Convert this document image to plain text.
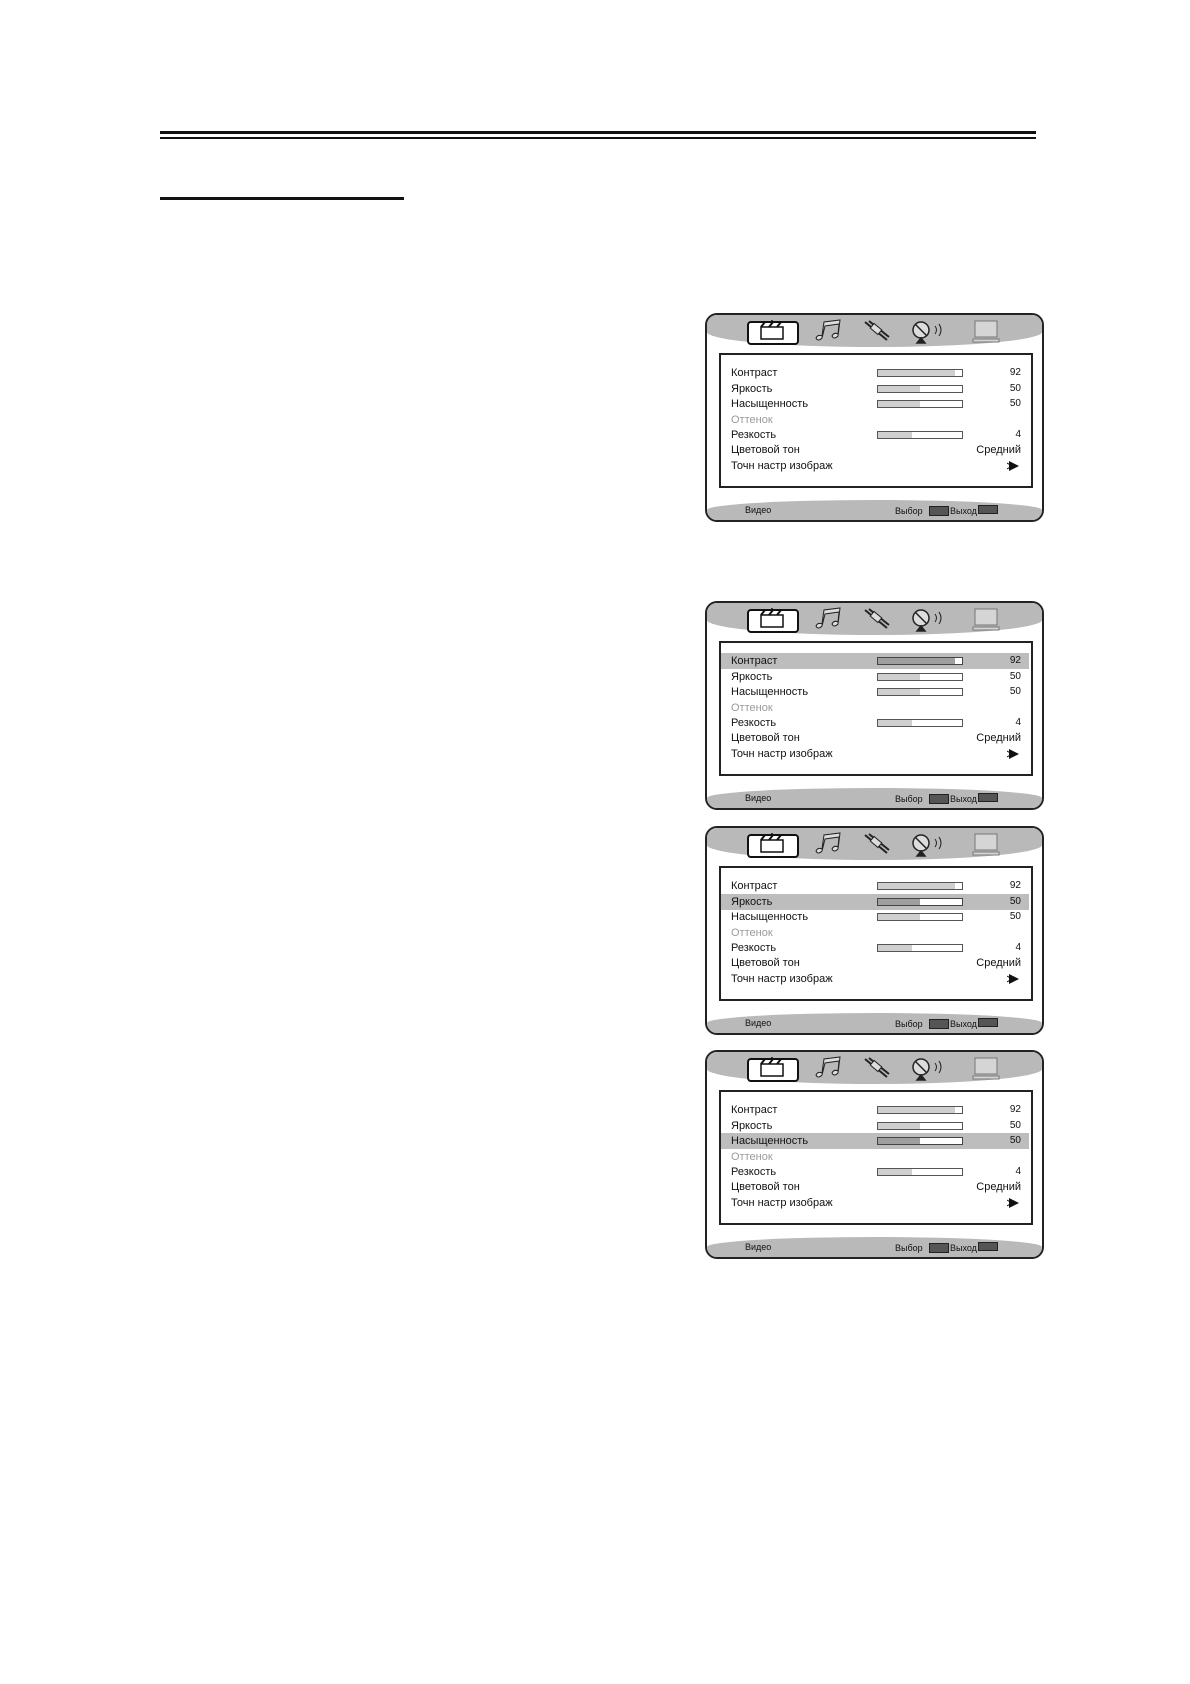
Контраст	92
Яркость	50
Насыщенность	50
Оттенок
Резкость	4
Цветовой тон	Средний
Точн настр изображ
Видео	Выбор	Выход
Контраст	92
Яркость	50
Насыщенность	50
Оттенок
Резкость	4
Цветовой тон	Средний
Точн настр изображ
Видео	Выбор	Выход
Контраст	92
Яркость	50
Насыщенность	50
Оттенок
Резкость	4
Цветовой тон	Средний
Точн настр изображ
Видео	Выбор	Выход
Контраст	92
Яркость	50
Насыщенность	50
Оттенок
Резкость	4
Цветовой тон	Средний
Точн настр изображ
Видео	Выбор	Выход
